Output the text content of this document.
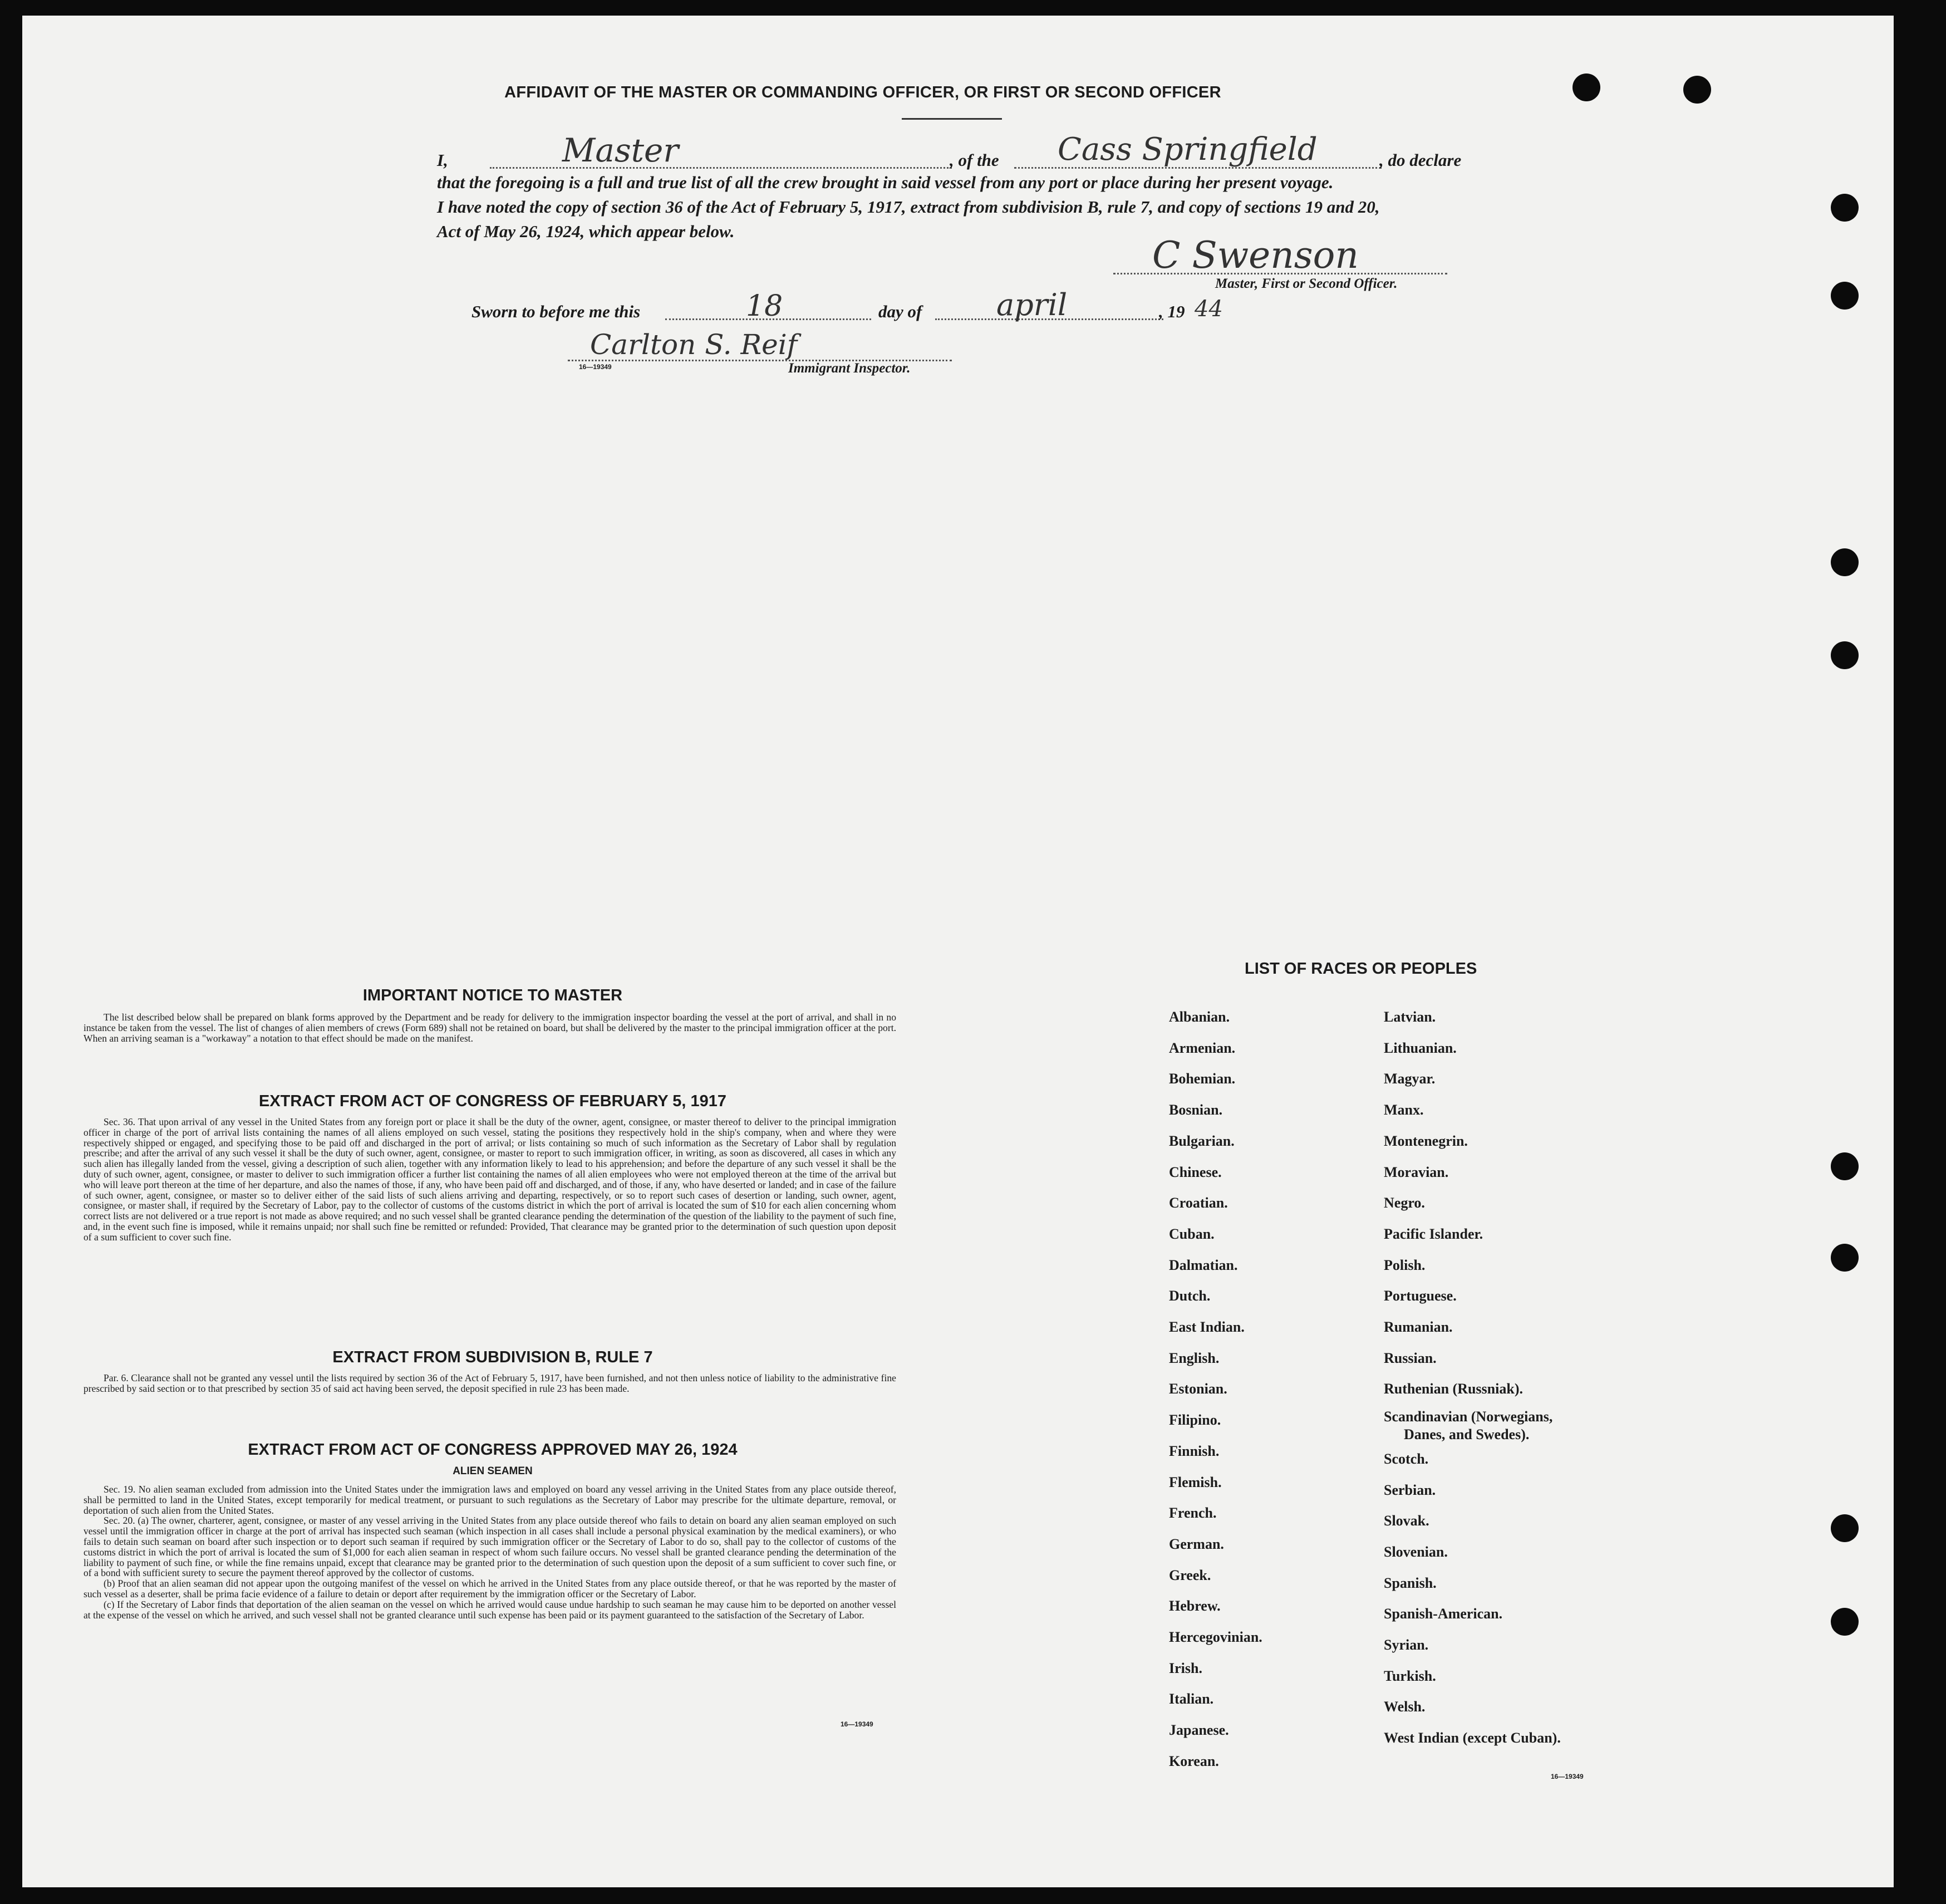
AFFIDAVIT OF THE MASTER OR COMMANDING OFFICER, OR FIRST OR SECOND OFFICER
I,	Master	, of the Cass Springfield	, do declare
that the foregoing is a full and true list of all the crew brought in said vessel from any port or place during her present voyage.
I have noted the copy of section 36 of the Act of February 5, 1917, extract from subdivision B, rule 7, and copy of sections 19 and 20,
Act of May 26, 1924, which appear below.
C Swenson
Master, First or Second Officer.
Sworn to before me this	18	day of april	, 19 44
Carlton S. Reif
16—19349	Immigrant Inspector.
IMPORTANT NOTICE TO MASTER

The list described below shall be prepared on blank forms approved by the Department and be ready for delivery to the immigration inspector boarding the vessel at the port of arrival, and shall in no instance be taken from the vessel. The list of changes of alien members of crews (Form 689) shall not be retained on board, but shall be delivered by the master to the principal immigration officer at the port. When an arriving seaman is a "workaway" a notation to that effect should be made on the manifest.

EXTRACT FROM ACT OF CONGRESS OF FEBRUARY 5, 1917

Sec. 36. That upon arrival of any vessel in the United States from any foreign port or place it shall be the duty of the owner, agent, consignee, or master thereof to deliver to the principal immigration officer in charge of the port of arrival lists containing the names of all aliens employed on such vessel, stating the positions they respectively hold in the ship's company, when and where they were respectively shipped or engaged, and specifying those to be paid off and discharged in the port of arrival; or lists containing so much of such information as the Secretary of Labor shall by regulation prescribe; and after the arrival of any such vessel it shall be the duty of such owner, agent, consignee, or master to report to such immigration officer, in writing, as soon as discovered, all cases in which any such alien has illegally landed from the vessel, giving a description of such alien, together with any information likely to lead to his apprehension; and before the departure of any such vessel it shall be the duty of such owner, agent, consignee, or master to deliver to such immigration officer a further list containing the names of all alien employees who were not employed thereon at the time of the arrival but who will leave port thereon at the time of her departure, and also the names of those, if any, who have been paid off and discharged, and of those, if any, who have deserted or landed; and in case of the failure of such owner, agent, consignee, or master so to deliver either of the said lists of such aliens arriving and departing, respectively, or so to report such cases of desertion or landing, such owner, agent, consignee, or master shall, if required by the Secretary of Labor, pay to the collector of customs of the customs district in which the port of arrival is located the sum of $10 for each alien concerning whom correct lists are not delivered or a true report is not made as above required; and no such vessel shall be granted clearance pending the determination of the question of the liability to the payment of such fine, and, in the event such fine is imposed, while it remains unpaid; nor shall such fine be remitted or refunded: Provided, That clearance may be granted prior to the determination of such question upon deposit of a sum sufficient to cover such fine.

EXTRACT FROM SUBDIVISION B, RULE 7

Par. 6. Clearance shall not be granted any vessel until the lists required by section 36 of the Act of February 5, 1917, have been furnished, and not then unless notice of liability to the administrative fine prescribed by said section or to that prescribed by section 35 of said act having been served, the deposit specified in rule 23 has been made.

EXTRACT FROM ACT OF CONGRESS APPROVED MAY 26, 1924
ALIEN SEAMEN

Sec. 19. No alien seaman excluded from admission into the United States under the immigration laws and employed on board any vessel arriving in the United States from any place outside thereof, shall be permitted to land in the United States, except temporarily for medical treatment, or pursuant to such regulations as the Secretary of Labor may prescribe for the ultimate departure, removal, or deportation of such alien from the United States.

Sec. 20. (a) The owner, charterer, agent, consignee, or master of any vessel arriving in the United States from any place outside thereof who fails to detain on board any alien seaman employed on such vessel until the immigration officer in charge at the port of arrival has inspected such seaman (which inspection in all cases shall include a personal physical examination by the medical examiners), or who fails to detain such seaman on board after such inspection or to deport such seaman if required by such immigration officer or the Secretary of Labor to do so, shall pay to the collector of customs of the customs district in which the port of arrival is located the sum of $1,000 for each alien seaman in respect of whom such failure occurs. No vessel shall be granted clearance pending the determination of the liability to payment of such fine, or while the fine remains unpaid, except that clearance may be granted prior to the determination of such question upon the deposit of a sum sufficient to cover such fine, or of a bond with sufficient surety to secure the payment thereof approved by the collector of customs.

(b) Proof that an alien seaman did not appear upon the outgoing manifest of the vessel on which he arrived in the United States from any place outside thereof, or that he was reported by the master of such vessel as a deserter, shall be prima facie evidence of a failure to detain or deport after requirement by the immigration officer or the Secretary of Labor.

(c) If the Secretary of Labor finds that deportation of the alien seaman on the vessel on which he arrived would cause undue hardship to such seaman he may cause him to be deported on another vessel at the expense of the vessel on which he arrived, and such vessel shall not be granted clearance until such expense has been paid or its payment guaranteed to the satisfaction of the Secretary of Labor.

16—19349
LIST OF RACES OR PEOPLES
Albanian.
Armenian.
Bohemian.
Bosnian.
Bulgarian.
Chinese.
Croatian.
Cuban.
Dalmatian.
Dutch.
East Indian.
English.
Estonian.
Filipino.
Finnish.
Flemish.
French.
German.
Greek.
Hebrew.
Hercegovinian.
Irish.
Italian.
Japanese.
Korean.
Latvian.
Lithuanian.
Magyar.
Manx.
Montenegrin.
Moravian.
Negro.
Pacific Islander.
Polish.
Portuguese.
Rumanian.
Russian.
Ruthenian (Russniak).
Scandinavian (Norwegians,
Danes, and Swedes).
Scotch.
Serbian.
Slovak.
Slovenian.
Spanish.
Spanish-American.
Syrian.
Turkish.
Welsh.
West Indian (except Cuban).
16—19349
